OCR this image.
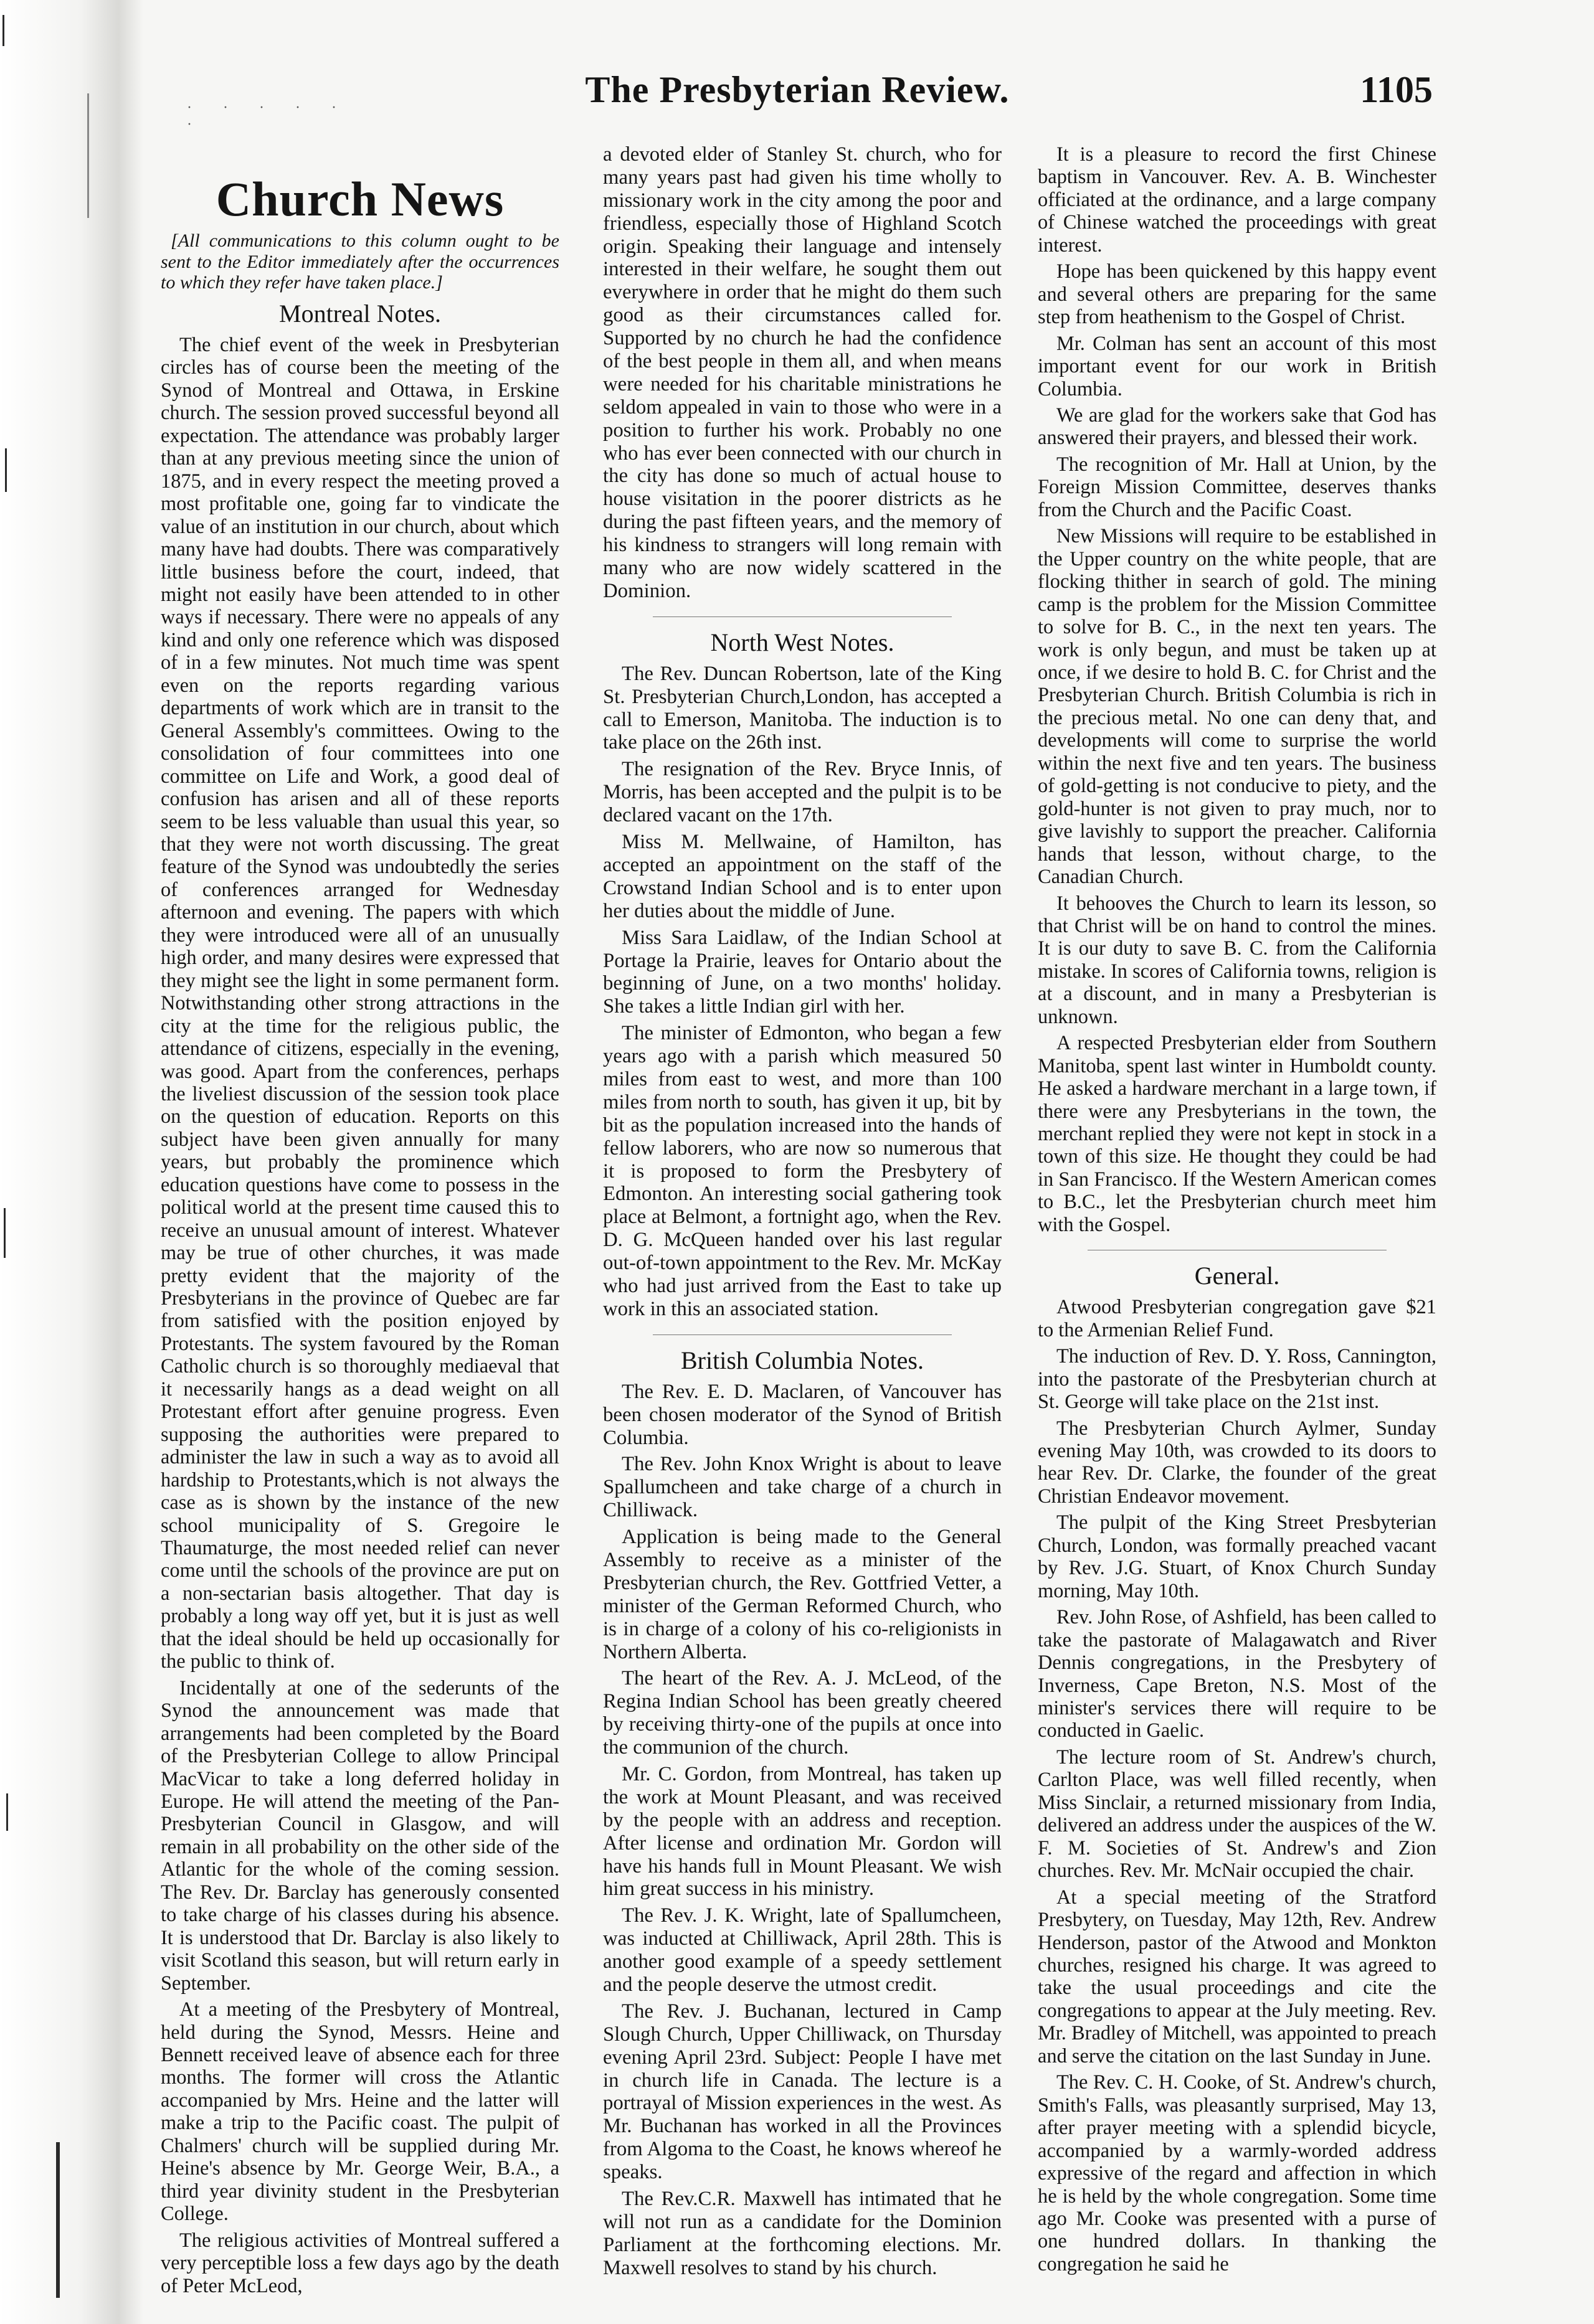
· · · · · ·
The Presbyterian Review.	1105
Church News

[All communications to this column ought to be sent to the Editor immediately after the occurrences to which they refer have taken place.]

Montreal Notes.

The chief event of the week in Presbyterian circles has of course been the meeting of the Synod of Montreal and Ottawa, in Erskine church. The session proved successful beyond all expectation. The attendance was probably larger than at any previous meeting since the union of 1875, and in every respect the meeting proved a most profitable one, going far to vindicate the value of an institution in our church, about which many have had doubts. There was comparatively little business before the court, indeed, that might not easily have been attended to in other ways if necessary. There were no appeals of any kind and only one reference which was disposed of in a few minutes. Not much time was spent even on the reports regarding various departments of work which are in transit to the General Assembly's committees. Owing to the consolidation of four committees into one committee on Life and Work, a good deal of confusion has arisen and all of these reports seem to be less valuable than usual this year, so that they were not worth discussing. The great feature of the Synod was undoubtedly the series of conferences arranged for Wednesday afternoon and evening. The papers with which they were introduced were all of an unusually high order, and many desires were expressed that they might see the light in some permanent form. Notwithstanding other strong attractions in the city at the time for the religious public, the attendance of citizens, especially in the evening, was good. Apart from the conferences, perhaps the liveliest discussion of the session took place on the question of education. Reports on this subject have been given annually for many years, but probably the prominence which education questions have come to possess in the political world at the present time caused this to receive an unusual amount of interest. Whatever may be true of other churches, it was made pretty evident that the majority of the Presbyterians in the province of Quebec are far from satisfied with the position enjoyed by Protestants. The system favoured by the Roman Catholic church is so thoroughly mediaeval that it necessarily hangs as a dead weight on all Protestant effort after genuine progress. Even supposing the authorities were prepared to administer the law in such a way as to avoid all hardship to Protestants,which is not always the case as is shown by the instance of the new school municipality of S. Gregoire le Thaumaturge, the most needed relief can never come until the schools of the province are put on a non-sectarian basis altogether. That day is probably a long way off yet, but it is just as well that the ideal should be held up occasionally for the public to think of.

Incidentally at one of the sederunts of the Synod the announcement was made that arrangements had been completed by the Board of the Presbyterian College to allow Principal MacVicar to take a long deferred holiday in Europe. He will attend the meeting of the Pan-Presbyterian Council in Glasgow, and will remain in all probability on the other side of the Atlantic for the whole of the coming session. The Rev. Dr. Barclay has generously consented to take charge of his classes during his absence. It is understood that Dr. Barclay is also likely to visit Scotland this season, but will return early in September.

At a meeting of the Presbytery of Montreal, held during the Synod, Messrs. Heine and Bennett received leave of absence each for three months. The former will cross the Atlantic accompanied by Mrs. Heine and the latter will make a trip to the Pacific coast. The pulpit of Chalmers' church will be supplied during Mr. Heine's absence by Mr. George Weir, B.A., a third year divinity student in the Presbyterian College.

The religious activities of Montreal suffered a very perceptible loss a few days ago by the death of Peter McLeod,

a devoted elder of Stanley St. church, who for many years past had given his time wholly to missionary work in the city among the poor and friendless, especially those of Highland Scotch origin. Speaking their language and intensely interested in their welfare, he sought them out everywhere in order that he might do them such good as their circumstances called for. Supported by no church he had the confidence of the best people in them all, and when means were needed for his charitable ministrations he seldom appealed in vain to those who were in a position to further his work. Probably no one who has ever been connected with our church in the city has done so much of actual house to house visitation in the poorer districts as he during the past fifteen years, and the memory of his kindness to strangers will long remain with many who are now widely scattered in the Dominion.

North West Notes.

The Rev. Duncan Robertson, late of the King St. Presbyterian Church,London, has accepted a call to Emerson, Manitoba. The induction is to take place on the 26th inst.

The resignation of the Rev. Bryce Innis, of Morris, has been accepted and the pulpit is to be declared vacant on the 17th.

Miss M. Mellwaine, of Hamilton, has accepted an appointment on the staff of the Crowstand Indian School and is to enter upon her duties about the middle of June.

Miss Sara Laidlaw, of the Indian School at Portage la Prairie, leaves for Ontario about the beginning of June, on a two months' holiday. She takes a little Indian girl with her.

The minister of Edmonton, who began a few years ago with a parish which measured 50 miles from east to west, and more than 100 miles from north to south, has given it up, bit by bit as the population increased into the hands of fellow laborers, who are now so numerous that it is proposed to form the Presbytery of Edmonton. An interesting social gathering took place at Belmont, a fortnight ago, when the Rev. D. G. McQueen handed over his last regular out-of-town appointment to the Rev. Mr. McKay who had just arrived from the East to take up work in this an associated station.

British Columbia Notes.

The Rev. E. D. Maclaren, of Vancouver has been chosen moderator of the Synod of British Columbia.

The Rev. John Knox Wright is about to leave Spallumcheen and take charge of a church in Chilliwack.

Application is being made to the General Assembly to receive as a minister of the Presbyterian church, the Rev. Gottfried Vetter, a minister of the German Reformed Church, who is in charge of a colony of his co-religionists in Northern Alberta.

The heart of the Rev. A. J. McLeod, of the Regina Indian School has been greatly cheered by receiving thirty-one of the pupils at once into the communion of the church.

Mr. C. Gordon, from Montreal, has taken up the work at Mount Pleasant, and was received by the people with an address and reception. After license and ordination Mr. Gordon will have his hands full in Mount Pleasant. We wish him great success in his ministry.

The Rev. J. K. Wright, late of Spallumcheen, was inducted at Chilliwack, April 28th. This is another good example of a speedy settlement and the people deserve the utmost credit.

The Rev. J. Buchanan, lectured in Camp Slough Church, Upper Chilliwack, on Thursday evening April 23rd. Subject: People I have met in church life in Canada. The lecture is a portrayal of Mission experiences in the west. As Mr. Buchanan has worked in all the Provinces from Algoma to the Coast, he knows whereof he speaks.

The Rev.C.R. Maxwell has intimated that he will not run as a candidate for the Dominion Parliament at the forthcoming elections. Mr. Maxwell resolves to stand by his church.

It is a pleasure to record the first Chinese baptism in Vancouver. Rev. A. B. Winchester officiated at the ordinance, and a large company of Chinese watched the proceedings with great interest.

Hope has been quickened by this happy event and several others are preparing for the same step from heathenism to the Gospel of Christ.

Mr. Colman has sent an account of this most important event for our work in British Columbia.

We are glad for the workers sake that God has answered their prayers, and blessed their work.

The recognition of Mr. Hall at Union, by the Foreign Mission Committee, deserves thanks from the Church and the Pacific Coast.

New Missions will require to be established in the Upper country on the white people, that are flocking thither in search of gold. The mining camp is the problem for the Mission Committee to solve for B. C., in the next ten years. The work is only begun, and must be taken up at once, if we desire to hold B. C. for Christ and the Presbyterian Church. British Columbia is rich in the precious metal. No one can deny that, and developments will come to surprise the world within the next five and ten years. The business of gold-getting is not conducive to piety, and the gold-hunter is not given to pray much, nor to give lavishly to support the preacher. California hands that lesson, without charge, to the Canadian Church.

It behooves the Church to learn its lesson, so that Christ will be on hand to control the mines. It is our duty to save B. C. from the California mistake. In scores of California towns, religion is at a discount, and in many a Presbyterian is unknown.

A respected Presbyterian elder from Southern Manitoba, spent last winter in Humboldt county. He asked a hardware merchant in a large town, if there were any Presbyterians in the town, the merchant replied they were not kept in stock in a town of this size. He thought they could be had in San Francisco. If the Western American comes to B.C., let the Presbyterian church meet him with the Gospel.

General.

Atwood Presbyterian congregation gave $21 to the Armenian Relief Fund.

The induction of Rev. D. Y. Ross, Cannington, into the pastorate of the Presbyterian church at St. George will take place on the 21st inst.

The Presbyterian Church Aylmer, Sunday evening May 10th, was crowded to its doors to hear Rev. Dr. Clarke, the founder of the great Christian Endeavor movement.

The pulpit of the King Street Presbyterian Church, London, was formally preached vacant by Rev. J.G. Stuart, of Knox Church Sunday morning, May 10th.

Rev. John Rose, of Ashfield, has been called to take the pastorate of Malagawatch and River Dennis congregations, in the Presbytery of Inverness, Cape Breton, N.S. Most of the minister's services there will require to be conducted in Gaelic.

The lecture room of St. Andrew's church, Carlton Place, was well filled recently, when Miss Sinclair, a returned missionary from India, delivered an address under the auspices of the W. F. M. Societies of St. Andrew's and Zion churches. Rev. Mr. McNair occupied the chair.

At a special meeting of the Stratford Presbytery, on Tuesday, May 12th, Rev. Andrew Henderson, pastor of the Atwood and Monkton churches, resigned his charge. It was agreed to take the usual proceedings and cite the congregations to appear at the July meeting. Rev. Mr. Bradley of Mitchell, was appointed to preach and serve the citation on the last Sunday in June.

The Rev. C. H. Cooke, of St. Andrew's church, Smith's Falls, was pleasantly surprised, May 13, after prayer meeting with a splendid bicycle, accompanied by a warmly-worded address expressive of the regard and affection in which he is held by the whole congregation. Some time ago Mr. Cooke was presented with a purse of one hundred dollars. In thanking the congregation he said he
